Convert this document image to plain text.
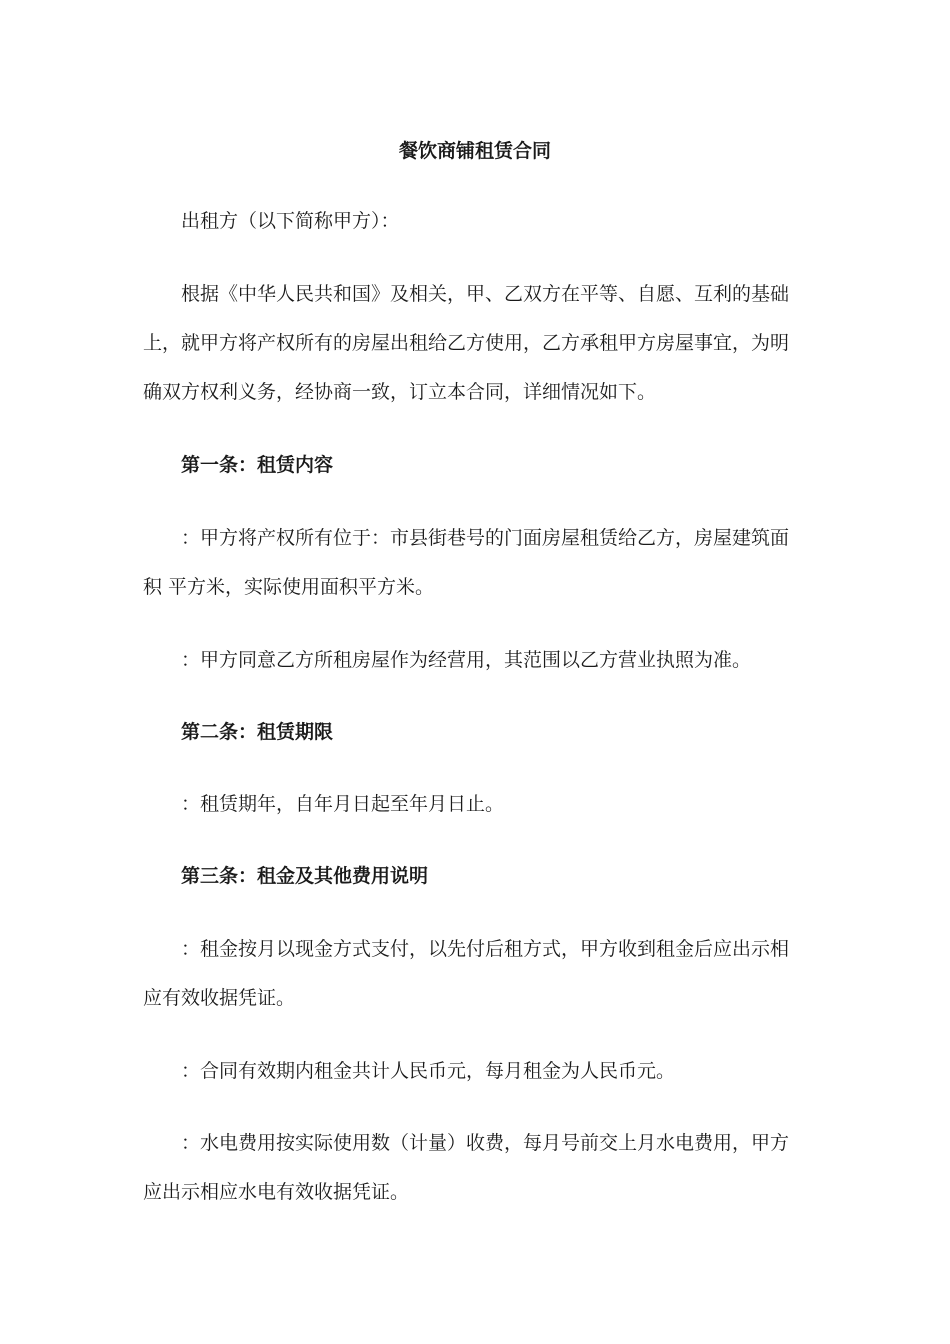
餐饮商铺租赁合同
出租方（以下简称甲方）：
根据《中华人民共和国》及相关，甲、乙双方在平等、自愿、互利的基础上，就甲方将产权所有的房屋出租给乙方使用，乙方承租甲方房屋事宜，为明确双方权利义务，经协商一致，订立本合同，详细情况如下。
第一条：租赁内容
：甲方将产权所有位于：市县街巷号的门面房屋租赁给乙方，房屋建筑面积 平方米，实际使用面积平方米。
：甲方同意乙方所租房屋作为经营用，其范围以乙方营业执照为准。
第二条：租赁期限
：租赁期年，自年月日起至年月日止。
第三条：租金及其他费用说明
：租金按月以现金方式支付，以先付后租方式，甲方收到租金后应出示相应有效收据凭证。
：合同有效期内租金共计人民币元，每月租金为人民币元。
：水电费用按实际使用数（计量）收费，每月号前交上月水电费用，甲方应出示相应水电有效收据凭证。
